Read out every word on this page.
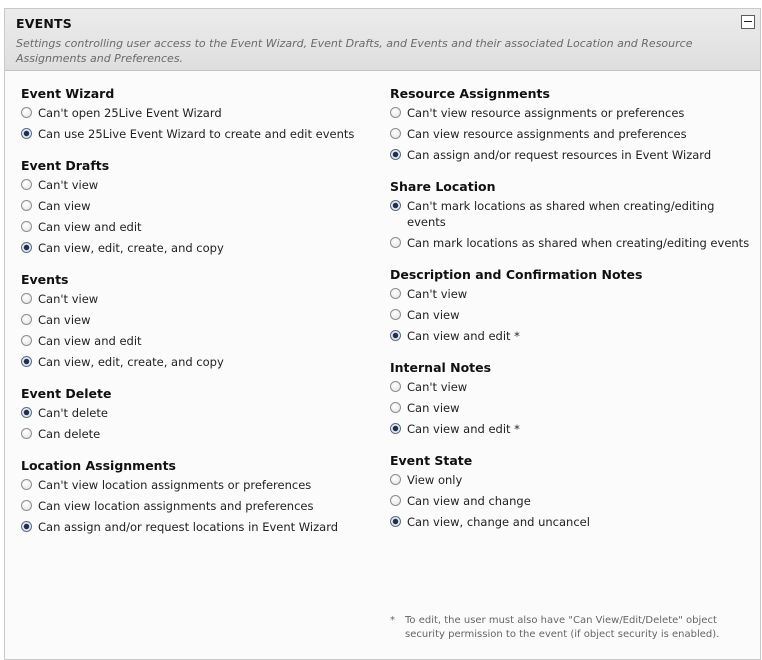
EVENTS
Settings controlling user access to the Event Wizard, Event Drafts, and Events and their associated Location and Resource Assignments and Preferences.
Event Wizard
Can't open 25Live Event Wizard
Can use 25Live Event Wizard to create and edit events
Event Drafts
Can't view
Can view
Can view and edit
Can view, edit, create, and copy
Events
Can't view
Can view
Can view and edit
Can view, edit, create, and copy
Event Delete
Can't delete
Can delete
Location Assignments
Can't view location assignments or preferences
Can view location assignments and preferences
Can assign and/or request locations in Event Wizard
Resource Assignments
Can't view resource assignments or preferences
Can view resource assignments and preferences
Can assign and/or request resources in Event Wizard
Share Location
Can't mark locations as shared when creating/editing events
Can mark locations as shared when creating/editing events
Description and Confirmation Notes
Can't view
Can view
Can view and edit *
Internal Notes
Can't view
Can view
Can view and edit *
Event State
View only
Can view and change
Can view, change and uncancel
*	To edit, the user must also have "Can View/Edit/Delete" object security permission to the event (if object security is enabled).
